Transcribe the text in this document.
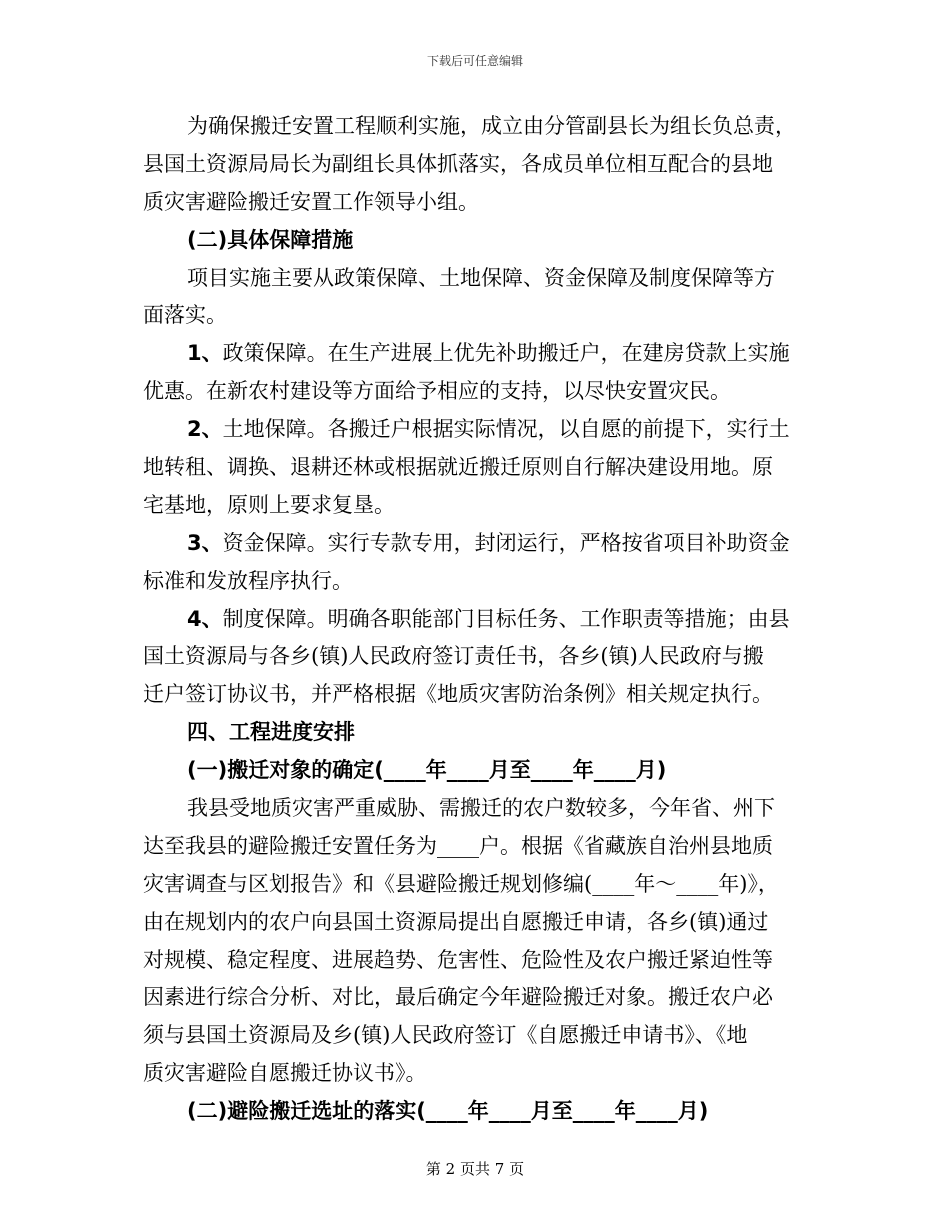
下载后可任意编辑
为确保搬迁安置工程顺利实施，成立由分管副县长为组长负总责，
县国土资源局局长为副组长具体抓落实，各成员单位相互配合的县地
质灾害避险搬迁安置工作领导小组。
(二)具体保障措施
项目实施主要从政策保障、土地保障、资金保障及制度保障等方
面落实。
1、政策保障。在生产进展上优先补助搬迁户，在建房贷款上实施
优惠。在新农村建设等方面给予相应的支持，以尽快安置灾民。
2、土地保障。各搬迁户根据实际情况，以自愿的前提下，实行土
地转租、调换、退耕还林或根据就近搬迁原则自行解决建设用地。原
宅基地，原则上要求复垦。
3、资金保障。实行专款专用，封闭运行，严格按省项目补助资金
标准和发放程序执行。
4、制度保障。明确各职能部门目标任务、工作职责等措施；由县
国土资源局与各乡(镇)人民政府签订责任书，各乡(镇)人民政府与搬
迁户签订协议书，并严格根据《地质灾害防治条例》相关规定执行。
四、工程进度安排
(一)搬迁对象的确定(____年____月至____年____月)
我县受地质灾害严重威胁、需搬迁的农户数较多，今年省、州下
达至我县的避险搬迁安置任务为____户。根据《省藏族自治州县地质
灾害调查与区划报告》和《县避险搬迁规划修编(____年～____年)》，
由在规划内的农户向县国土资源局提出自愿搬迁申请，各乡(镇)通过
对规模、稳定程度、进展趋势、危害性、危险性及农户搬迁紧迫性等
因素进行综合分析、对比，最后确定今年避险搬迁对象。搬迁农户必
须与县国土资源局及乡(镇)人民政府签订《自愿搬迁申请书》、《地
质灾害避险自愿搬迁协议书》。
(二)避险搬迁选址的落实(____年____月至____年____月)
第 2 页共 7 页
